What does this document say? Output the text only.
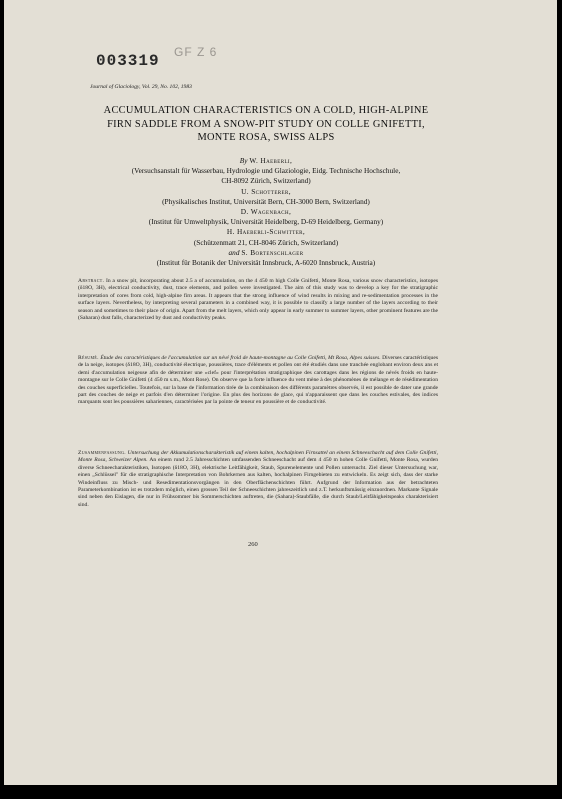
003319 GF Z 6
Journal of Glaciology, Vol. 29, No. 102, 1983
ACCUMULATION CHARACTERISTICS ON A COLD, HIGH-ALPINE
FIRN SADDLE FROM A SNOW-PIT STUDY ON COLLE GNIFETTI,
MONTE ROSA, SWISS ALPS
By W. Haeberli,
(Versuchsanstalt für Wasserbau, Hydrologie und Glaziologie, Eidg. Technische Hochschule,
CH-8092 Zürich, Switzerland)
U. Schotterer,
(Physikalisches Institut, Universität Bern, CH-3000 Bern, Switzerland)
D. Wagenbach,
(Institut für Umweltphysik, Universität Heidelberg, D-69 Heidelberg, Germany)
H. Haeberli-Schwitter,
(Schützenmatt 21, CH-8046 Zürich, Switzerland)
and S. Bortenschlager
(Institut für Botanik der Universität Innsbruck, A-6020 Innsbruck, Austria)
Abstract. In a snow pit, incorporating about 2.5 a of accumulation, on the 4 450 m high Colle Gnifetti, Monte Rosa, various snow characteristics, isotopes (δ18O, 3H), electrical conductivity, dust, trace elements, and pollen were investigated. The aim of this study was to develop a key for the stratigraphic interpretation of cores from cold, high-alpine firn areas. It appears that the strong influence of wind results in mixing and re-sedimentation processes in the surface layers. Nevertheless, by interpreting several parameters in a combined way, it is possible to classify a large number of the layers according to their season and sometimes to their place of origin. Apart from the melt layers, which only appear in early summer to summer layers, other prominent features are the (Saharan) dust falls, characterized by dust and conductivity peaks.
Résumé. Étude des caractéristiques de l'accumulation sur un névé froid de haute-montagne au Colle Gnifetti, Mt Rosa, Alpes suisses. Diverses caractéristiques de la neige, isotopes (δ18O, 3H), conductivité électrique, poussières, trace d'éléments et pollen ont été étudiés dans une tranchée englobant environ deux ans et demi d'accumulation neigeuse afin de déterminer une «clef» pour l'interprétation stratigraphique des carottages dans les régions de névés froids en haute-montagne sur le Colle Gnifetti (4 450 m s.m., Mont Rose). On observe que la forte influence du vent mène à des phénomènes de mélange et de résédimentation des couches superficielles. Toutefois, sur la base de l'information tirée de la combinaison des différents paramètres observés, il est possible de dater une grande part des couches de neige et parfois d'en déterminer l'origine. En plus des horizons de glace, qui n'apparaissent que dans les couches estivales, des indices marquants sont les poussières sahariennes, caractérisées par la pointe de teneur en poussière et de conductivité.
Zusammenfassung. Untersuchung der Akkumulationscharakteristik auf einem kalten, hochalpinen Firnsattel an einem Schneeschacht auf dem Colle Gnifetti, Monte Rosa, Schweizer Alpen. An einem rund 2.5 Jahresschichten umfassenden Schneeschacht auf dem 4 450 m hohen Colle Gnifetti, Monte Rosa, wurden diverse Schneecharakteristiken, Isotopen (δ18O, 3H), elektrische Leitfähigkeit, Staub, Spurenelemente und Pollen untersucht. Ziel dieser Untersuchung war, einen „Schlüssel" für die stratigraphische Interpretation von Bohrkernen aus kalten, hochalpinen Firngebieten zu entwickeln. Es zeigt sich, dass der starke Windeinfluss zu Misch- und Resedimentationsvorgängen in den Oberflächenschichten führt. Aufgrund der Information aus der betrachteten Parameterkombination ist es trotzdem möglich, einen grossen Teil der Schneeschichten jahreszeitlich und z.T. herkunftsmässig einzuordnen. Markante Signale sind neben den Eislagen, die nur in Frühsommer bis Sommerschichten auftreten, die (Sahara)-Staubfälle, die durch Staub/Leitfähigkeitspeaks charakterisiert sind.
260
